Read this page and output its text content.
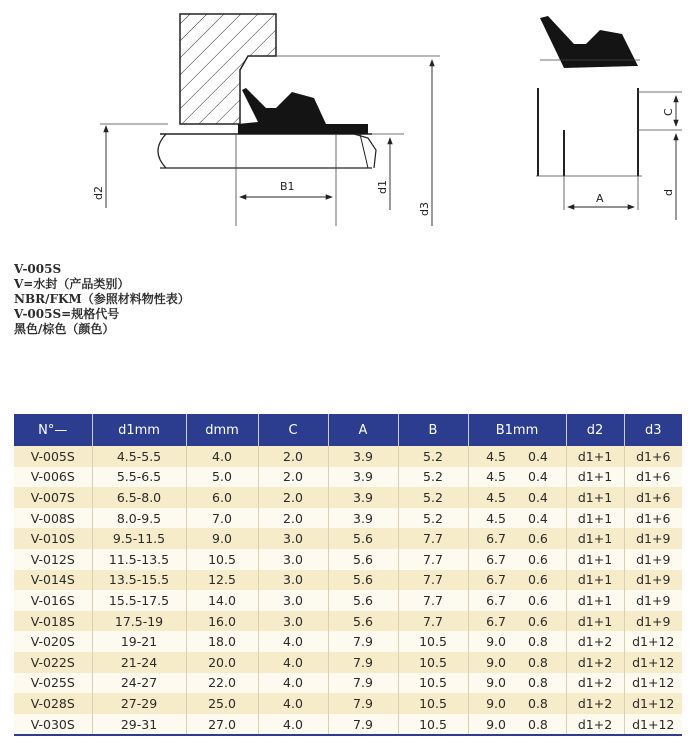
d2	B1	d1
d3
A
C
d
V-005S
V=水封（产品类别）
NBR/FKM（参照材料物性表）
V-005S=规格代号
黑色/棕色（颜色）
N°—	d1mm	dmm	C	A	B	B1mm	d2	d3
V-005S	4.5-5.5	4.0	2.0	3.9	5.2	4.5 0.4	d1+1	d1+6
V-006S	5.5-6.5	5.0	2.0	3.9	5.2	4.5 0.4	d1+1	d1+6
V-007S	6.5-8.0	6.0	2.0	3.9	5.2	4.5 0.4	d1+1	d1+6
V-008S	8.0-9.5	7.0	2.0	3.9	5.2	4.5 0.4	d1+1	d1+6
V-010S	9.5-11.5	9.0	3.0	5.6	7.7	6.7 0.6	d1+1	d1+9
V-012S	11.5-13.5	10.5	3.0	5.6	7.7	6.7 0.6	d1+1	d1+9
V-014S	13.5-15.5	12.5	3.0	5.6	7.7	6.7 0.6	d1+1	d1+9
V-016S	15.5-17.5	14.0	3.0	5.6	7.7	6.7 0.6	d1+1	d1+9
V-018S	17.5-19	16.0	3.0	5.6	7.7	6.7 0.6	d1+1	d1+9
V-020S	19-21	18.0	4.0	7.9	10.5	9.0 0.8	d1+2	d1+12
V-022S	21-24	20.0	4.0	7.9	10.5	9.0 0.8	d1+2	d1+12
V-025S	24-27	22.0	4.0	7.9	10.5	9.0 0.8	d1+2	d1+12
V-028S	27-29	25.0	4.0	7.9	10.5	9.0 0.8	d1+2	d1+12
V-030S	29-31	27.0	4.0	7.9	10.5	9.0 0.8	d1+2	d1+12
